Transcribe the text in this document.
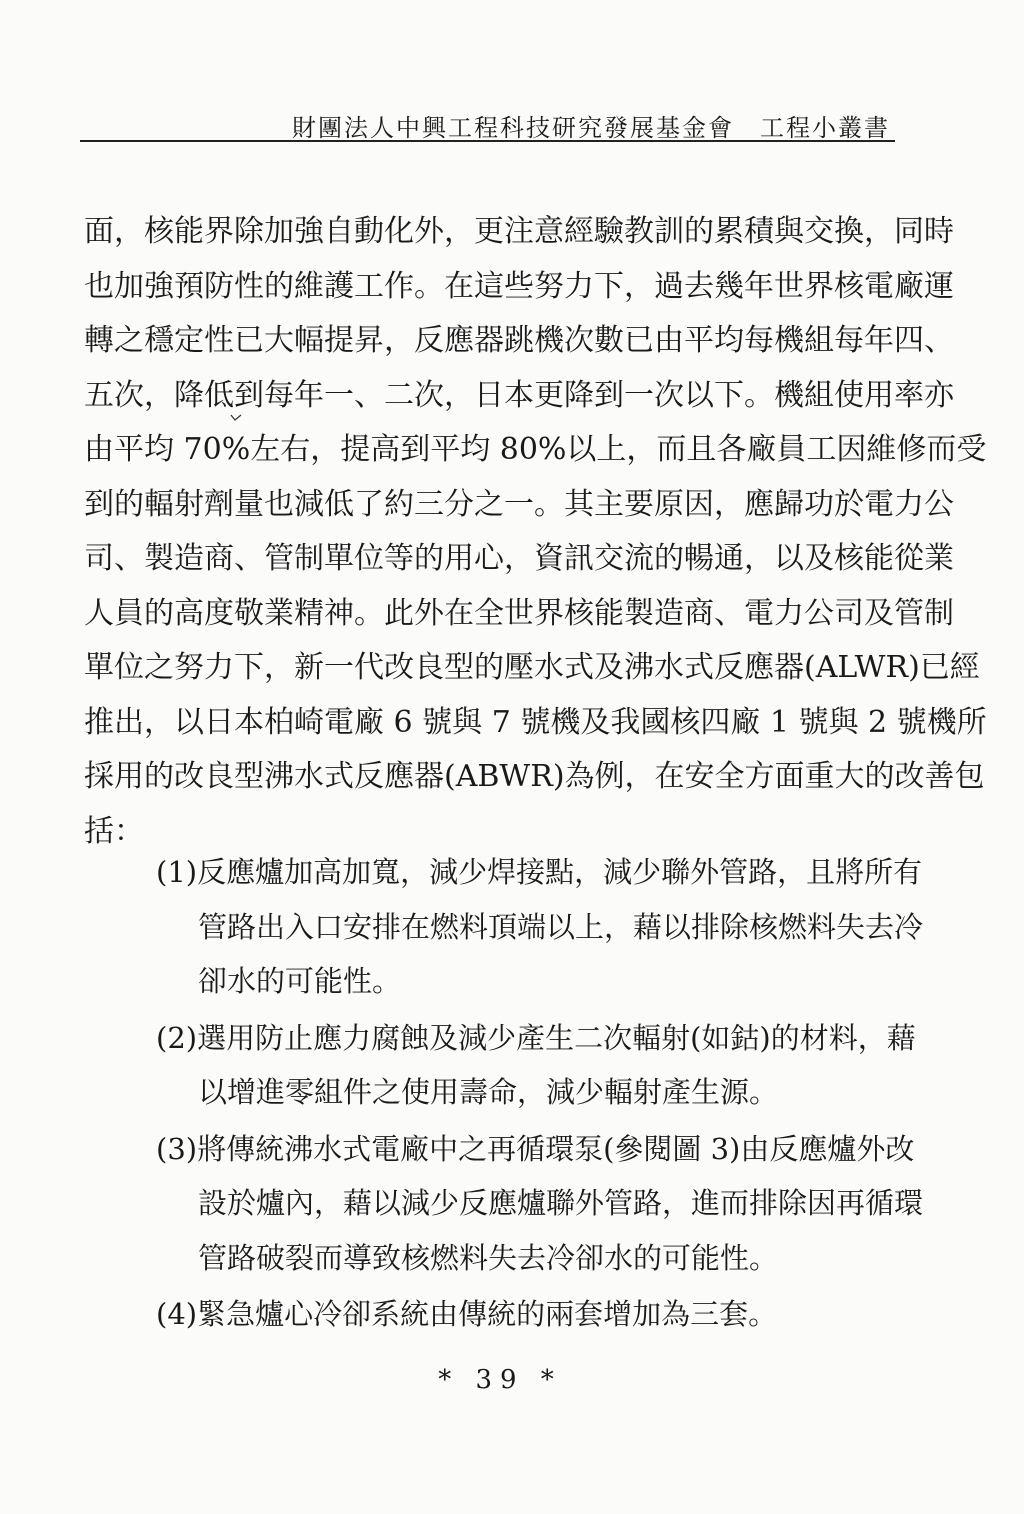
財團法人中興工程科技研究發展基金會　工程小叢書
面，核能界除加強自動化外，更注意經驗教訓的累積與交換，同時
也加強預防性的維護工作。在這些努力下，過去幾年世界核電廠運
轉之穩定性已大幅提昇，反應器跳機次數已由平均每機組每年四、
五次，降低到每年一、二次，日本更降到一次以下。機組使用率亦
由平均 70%左右，提高到平均 80%以上，而且各廠員工因維修而受
到的輻射劑量也減低了約三分之一。其主要原因，應歸功於電力公
司、製造商、管制單位等的用心，資訊交流的暢通，以及核能從業
人員的高度敬業精神。此外在全世界核能製造商、電力公司及管制
單位之努力下，新一代改良型的壓水式及沸水式反應器(ALWR)已經
推出，以日本柏崎電廠 6 號與 7 號機及我國核四廠 1 號與 2 號機所
採用的改良型沸水式反應器(ABWR)為例，在安全方面重大的改善包
括：
(1)反應爐加高加寬，減少焊接點，減少聯外管路，且將所有
管路出入口安排在燃料頂端以上，藉以排除核燃料失去冷
卻水的可能性。
(2)選用防止應力腐蝕及減少產生二次輻射(如鈷)的材料，藉
以增進零組件之使用壽命，減少輻射產生源。
(3)將傳統沸水式電廠中之再循環泵(參閱圖 3)由反應爐外改
設於爐內，藉以減少反應爐聯外管路，進而排除因再循環
管路破裂而導致核燃料失去冷卻水的可能性。
(4)緊急爐心冷卻系統由傳統的兩套增加為三套。
* 39 *
